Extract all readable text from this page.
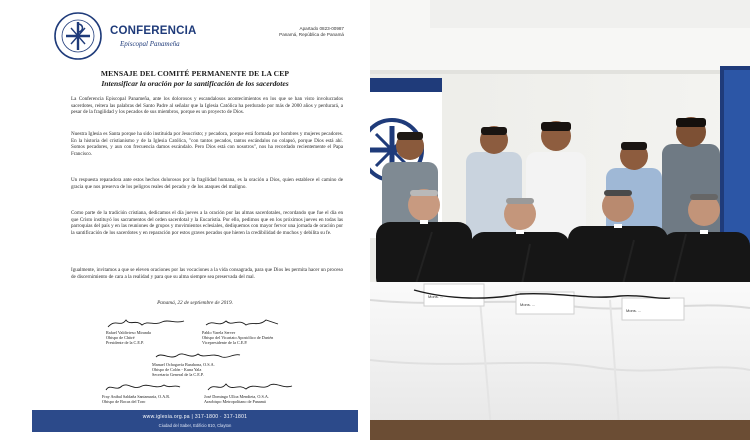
CONFERENCIA
Episcopal Panameña
Apartado 0823-00987
Panamá, República de Panamá
MENSAJE DEL COMITÉ PERMANENTE DE LA CEP
Intensificar la oración por la santificación de los sacerdotes

La Conferencia Episcopal Panameña, ante los dolorosos y escandalosos acontecimientos en los que se han visto involucrados sacerdotes, reitera las palabras del Santo Padre al señalar que la Iglesia Católica ha perdurado por más de 2000 años y perdurará, a pesar de la fragilidad y los pecados de sus miembros, porque es un proyecto de Dios.

Nuestra Iglesia es Santa porque ha sido instituida por Jesucristo; y pecadora, porque está formada por hombres y mujeres pecadores. En la historia del cristianismo y de la Iglesia Católica, "con tantos pecados, tantos escándalos no colapsó, porque Dios está ahí. Somos pecadores, y aun con frecuencia damos escándalo. Pero Dios está con nosotros", nos ha recordado recientemente el Papa Francisco.

Un respuesta reparadora ante estos hechos dolorosos por la fragilidad humana, es la oración a Dios, quien establece el camino de gracia que nos preserva de los peligros reales del pecado y de los ataques del maligno.

Como parte de la tradición cristiana, dedicamos el día jueves a la oración por las almas sacerdotales, recordando que fue el día en que Cristo instituyó los sacramentos del orden sacerdotal y la Eucaristía. Por ello, pedimos que en los próximos jueves en todas las parroquias del país y en las reuniones de grupos y movimientos eclesiales, dediquemos con mayor fervor una jornada de oración por la santificación de los sacerdotes y en reparación por estos graves pecados que hieren la credibilidad de muchos y debilita su fe.

Igualmente, invitamos a que se eleven oraciones por las vocaciones a la vida consagrada, para que Dios les permita hacer un proceso de discernimiento de cara a la realidad y para que su alma siempre sea preservada del mal.

Panamá, 22 de septiembre de 2019.
Rafael Valdivieso Miranda
Obispo de Chitré
Presidente de la C.E.P.
Pablo Varela Server
Obispo del Vicariato Apostólico de Darién
Vicepresidente de la C.E.P.
Manuel Ochogavía Barahona, O.S.A.
Obispo de Colón - Kuna Yala
Secretario General de la C.E.P.
Fray Anibal Saldaña Santamaría, O.A.R.
Obispo de Bocas del Toro
José Domingo Ulloa Mendieta, O.S.A.
Arzobispo Metropolitano de Panamá
www.iglesia.org.pa | 317-1800 · 317-1801
Ciudad del Saber, Edificio 810, Clayton
Mons. ...
Mons. ...
Mons. ...
